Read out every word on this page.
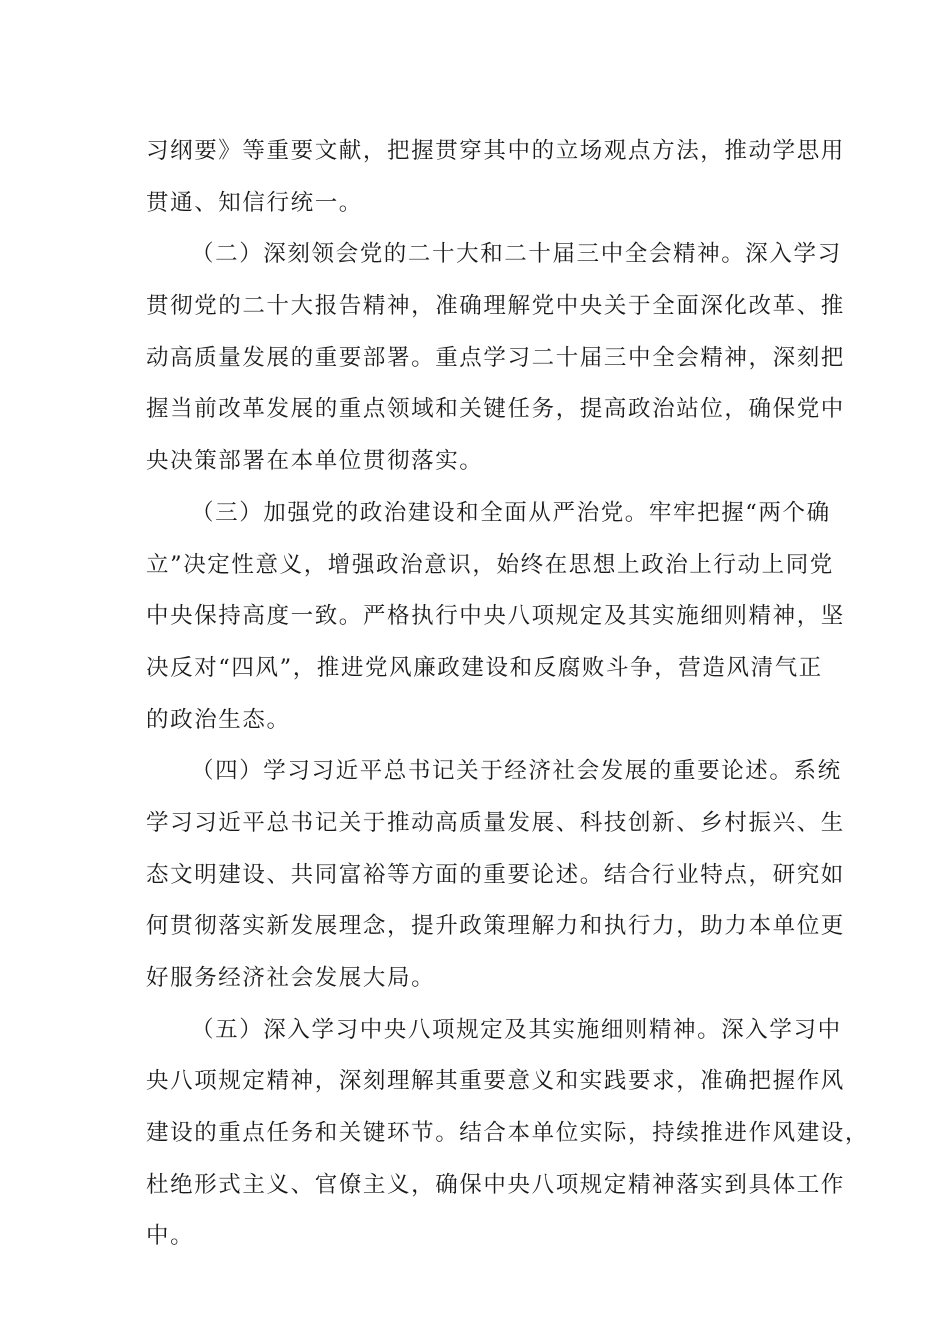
习纲要》等重要文献，把握贯穿其中的立场观点方法，推动学思用
贯通、知信行统一。
（二）深刻领会党的二十大和二十届三中全会精神。深入学习
贯彻党的二十大报告精神，准确理解党中央关于全面深化改革、推
动高质量发展的重要部署。重点学习二十届三中全会精神，深刻把
握当前改革发展的重点领域和关键任务，提高政治站位，确保党中
央决策部署在本单位贯彻落实。
（三）加强党的政治建设和全面从严治党。牢牢把握“两个确
立”决定性意义，增强政治意识，始终在思想上政治上行动上同党
中央保持高度一致。严格执行中央八项规定及其实施细则精神，坚
决反对“四风”，推进党风廉政建设和反腐败斗争，营造风清气正
的政治生态。
（四）学习习近平总书记关于经济社会发展的重要论述。系统
学习习近平总书记关于推动高质量发展、科技创新、乡村振兴、生
态文明建设、共同富裕等方面的重要论述。结合行业特点，研究如
何贯彻落实新发展理念，提升政策理解力和执行力，助力本单位更
好服务经济社会发展大局。
（五）深入学习中央八项规定及其实施细则精神。深入学习中
央八项规定精神，深刻理解其重要意义和实践要求，准确把握作风
建设的重点任务和关键环节。结合本单位实际，持续推进作风建设，
杜绝形式主义、官僚主义，确保中央八项规定精神落实到具体工作
中。
